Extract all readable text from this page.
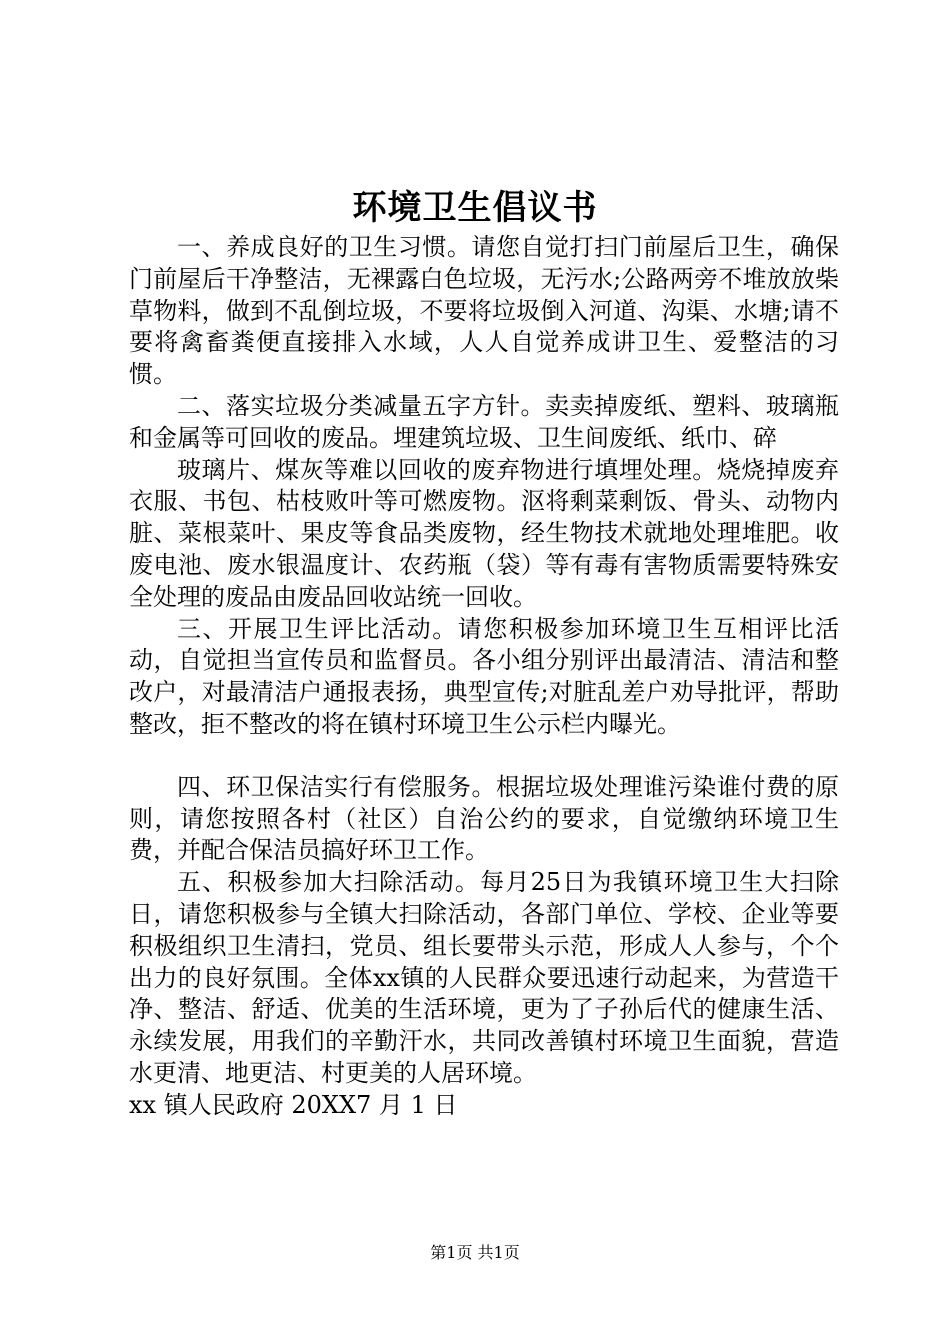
环境卫生倡议书

一、养成良好的卫生习惯。请您自觉打扫门前屋后卫生，确保门前屋后干净整洁，无裸露白色垃圾，无污水;公路两旁不堆放放柴草物料，做到不乱倒垃圾，不要将垃圾倒入河道、沟渠、水塘;请不要将禽畜粪便直接排入水域，人人自觉养成讲卫生、爱整洁的习惯。

二、落实垃圾分类减量五字方针。卖卖掉废纸、塑料、玻璃瓶和金属等可回收的废品。埋建筑垃圾、卫生间废纸、纸巾、碎

玻璃片、煤灰等难以回收的废弃物进行填埋处理。烧烧掉废弃衣服、书包、枯枝败叶等可燃废物。沤将剩菜剩饭、骨头、动物内脏、菜根菜叶、果皮等食品类废物，经生物技术就地处理堆肥。收废电池、废水银温度计、农药瓶（袋）等有毒有害物质需要特殊安全处理的废品由废品回收站统一回收。

三、开展卫生评比活动。请您积极参加环境卫生互相评比活动，自觉担当宣传员和监督员。各小组分别评出最清洁、清洁和整改户，对最清洁户通报表扬，典型宣传;对脏乱差户劝导批评，帮助整改，拒不整改的将在镇村环境卫生公示栏内曝光。

四、环卫保洁实行有偿服务。根据垃圾处理谁污染谁付费的原则，请您按照各村（社区）自治公约的要求，自觉缴纳环境卫生费，并配合保洁员搞好环卫工作。

五、积极参加大扫除活动。每月25日为我镇环境卫生大扫除日，请您积极参与全镇大扫除活动，各部门单位、学校、企业等要积极组织卫生清扫，党员、组长要带头示范，形成人人参与，个个出力的良好氛围。全体xx镇的人民群众要迅速行动起来，为营造干净、整洁、舒适、优美的生活环境，更为了子孙后代的健康生活、永续发展，用我们的辛勤汗水，共同改善镇村环境卫生面貌，营造水更清、地更洁、村更美的人居环境。

xx 镇人民政府 20XX7 月 1 日

第1页 共1页
